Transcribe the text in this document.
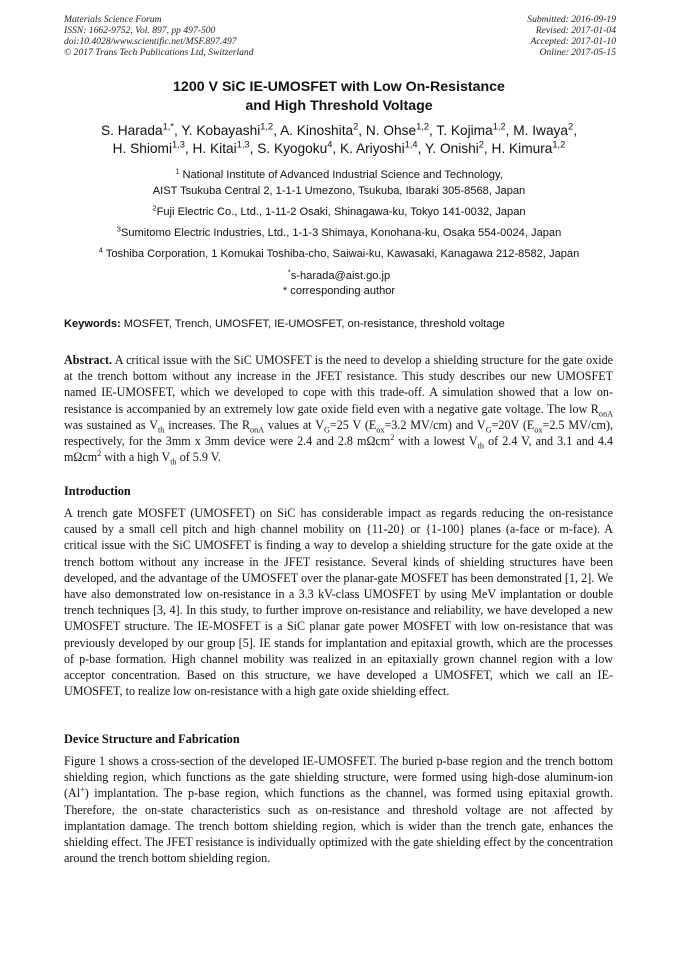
Materials Science Forum
ISSN: 1662-9752, Vol. 897, pp 497-500
doi:10.4028/www.scientific.net/MSF.897.497
© 2017 Trans Tech Publications Ltd, Switzerland
Submitted: 2016-09-19
Revised: 2017-01-04
Accepted: 2017-01-10
Online: 2017-05-15
1200 V SiC IE-UMOSFET with Low On-Resistance
and High Threshold Voltage
S. Harada$^{1,*}$, Y. Kobayashi$^{1,2}$, A. Kinoshita$^2$, N. Ohse$^{1,2}$, T. Kojima$^{1,2}$, M. Iwaya$^2$,
H. Shiomi$^{1,3}$, H. Kitai$^{1,3}$, S. Kyogoku$^4$, K. Ariyoshi$^{1,4}$, Y. Onishi$^2$, H. Kimura$^{1,2}$
$^1$ National Institute of Advanced Industrial Science and Technology,
AIST Tsukuba Central 2, 1-1-1 Umezono, Tsukuba, Ibaraki 305-8568, Japan
$^2$Fuji Electric Co., Ltd., 1-11-2 Osaki, Shinagawa-ku, Tokyo 141-0032, Japan
$^3$Sumitomo Electric Industries, Ltd., 1-1-3 Shimaya, Konohana-ku, Osaka 554-0024, Japan
$^4$ Toshiba Corporation, 1 Komukai Toshiba-cho, Saiwai-ku, Kawasaki, Kanagawa 212-8582, Japan
*s-harada@aist.go.jp
* corresponding author
Keywords: MOSFET, Trench, UMOSFET, IE-UMOSFET, on-resistance, threshold voltage
Abstract. A critical issue with the SiC UMOSFET is the need to develop a shielding structure for the gate oxide at the trench bottom without any increase in the JFET resistance. This study describes our new UMOSFET named IE-UMOSFET, which we developed to cope with this trade-off. A simulation showed that a low on-resistance is accompanied by an extremely low gate oxide field even with a negative gate voltage. The low $R_{onA}$ was sustained as $V_{th}$ increases. The $R_{onA}$ values at $V_G=25$ V ($E_{ox}=3.2$ MV/cm) and $V_G=20V$ ($E_{ox}=2.5$ MV/cm), respectively, for the 3mm x 3mm device were 2.4 and 2.8 mΩcm$^2$ with a lowest $V_{th}$ of 2.4 V, and 3.1 and 4.4 mΩcm$^2$ with a high $V_{th}$ of 5.9 V.
Introduction
A trench gate MOSFET (UMOSFET) on SiC has considerable impact as regards reducing the on-resistance caused by a small cell pitch and high channel mobility on {11-20} or {1-100} planes (a-face or m-face). A critical issue with the SiC UMOSFET is finding a way to develop a shielding structure for the gate oxide at the trench bottom without any increase in the JFET resistance. Several kinds of shielding structures have been developed, and the advantage of the UMOSFET over the planar-gate MOSFET has been demonstrated [1, 2]. We have also demonstrated low on-resistance in a 3.3 kV-class UMOSFET by using MeV implantation or double trench techniques [3, 4]. In this study, to further improve on-resistance and reliability, we have developed a new UMOSFET structure. The IE-MOSFET is a SiC planar gate power MOSFET with low on-resistance that was previously developed by our group [5]. IE stands for implantation and epitaxial growth, which are the processes of p-base formation. High channel mobility was realized in an epitaxially grown channel region with a low acceptor concentration. Based on this structure, we have developed a UMOSFET, which we call an IE-UMOSFET, to realize low on-resistance with a high gate oxide shielding effect.
Device Structure and Fabrication
Figure 1 shows a cross-section of the developed IE-UMOSFET. The buried p-base region and the trench bottom shielding region, which functions as the gate shielding structure, were formed using high-dose aluminum-ion (Al+) implantation. The p-base region, which functions as the channel, was formed using epitaxial growth. Therefore, the on-state characteristics such as on-resistance and threshold voltage are not affected by implantation damage. The trench bottom shielding region, which is wider than the trench gate, enhances the shielding effect. The JFET resistance is individually optimized with the gate shielding effect by the concentration around the trench bottom shielding region.
